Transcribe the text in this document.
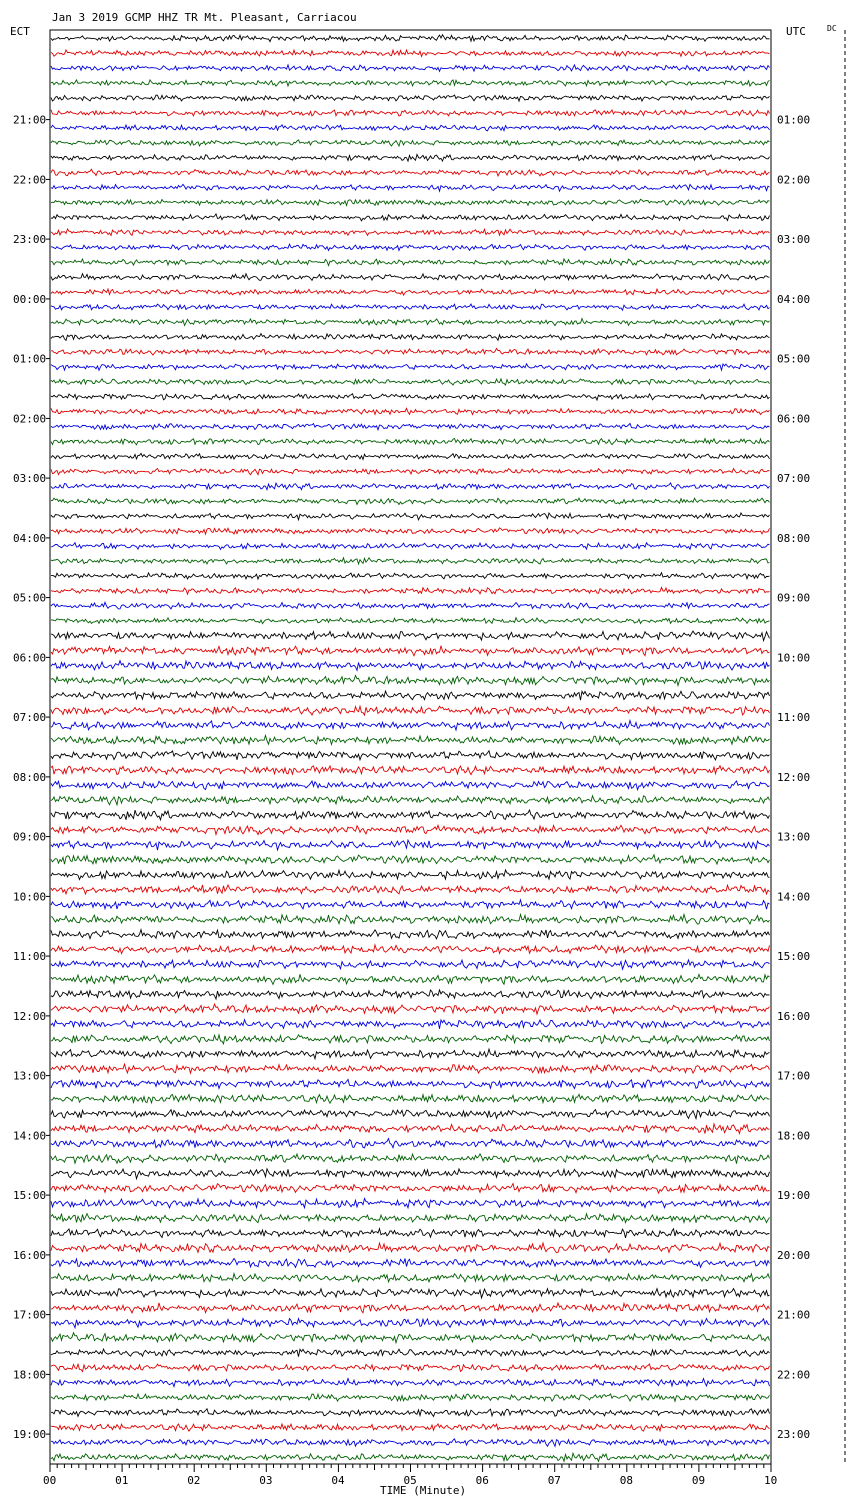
Jan 3 2019 GCMP HHZ TR Mt. Pleasant, Carriacou
ECT	UTC	DC
21:00
22:00
23:00
00:00
01:00
02:00
03:00
04:00
05:00
06:00
07:00
08:00
09:00
10:00
11:00
12:00
13:00
14:00
15:00
16:00
17:00
18:00
19:00
01:00
02:00
03:00
04:00
05:00
06:00
07:00
08:00
09:00
10:00
11:00
12:00
13:00
14:00
15:00
16:00
17:00
18:00
19:00
20:00
21:00
22:00
23:00
00	01	02	03	04	05	06	07	08	09	10
TIME (Minute)
